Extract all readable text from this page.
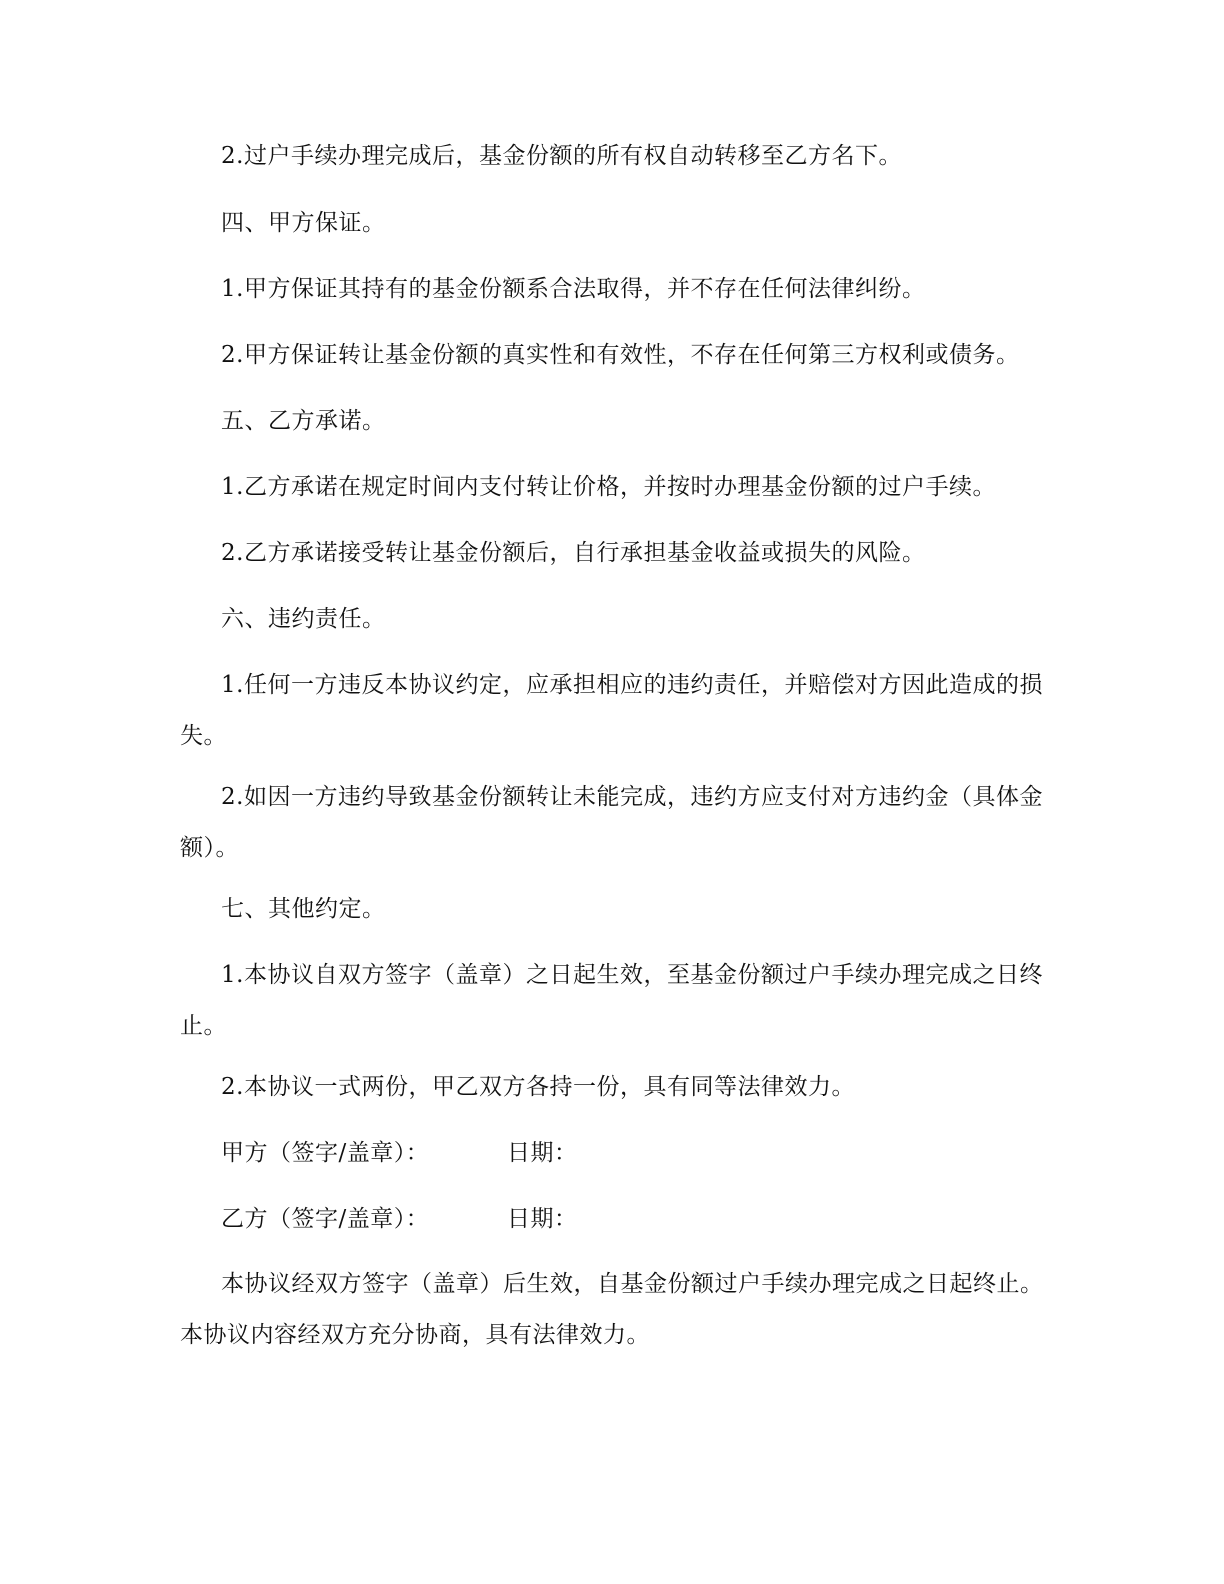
2.过户手续办理完成后，基金份额的所有权自动转移至乙方名下。

四、甲方保证。

1.甲方保证其持有的基金份额系合法取得，并不存在任何法律纠纷。

2.甲方保证转让基金份额的真实性和有效性，不存在任何第三方权利或债务。

五、乙方承诺。

1.乙方承诺在规定时间内支付转让价格，并按时办理基金份额的过户手续。

2.乙方承诺接受转让基金份额后，自行承担基金收益或损失的风险。

六、违约责任。

1.任何一方违反本协议约定，应承担相应的违约责任，并赔偿对方因此造成的损失。

2.如因一方违约导致基金份额转让未能完成，违约方应支付对方违约金（具体金额）。

七、其他约定。

1.本协议自双方签字（盖章）之日起生效，至基金份额过户手续办理完成之日终止。

2.本协议一式两份，甲乙双方各持一份，具有同等法律效力。

甲方（签字/盖章）：	日期：
乙方（签字/盖章）：	日期：

本协议经双方签字（盖章）后生效，自基金份额过户手续办理完成之日起终止。本协议内容经双方充分协商，具有法律效力。
